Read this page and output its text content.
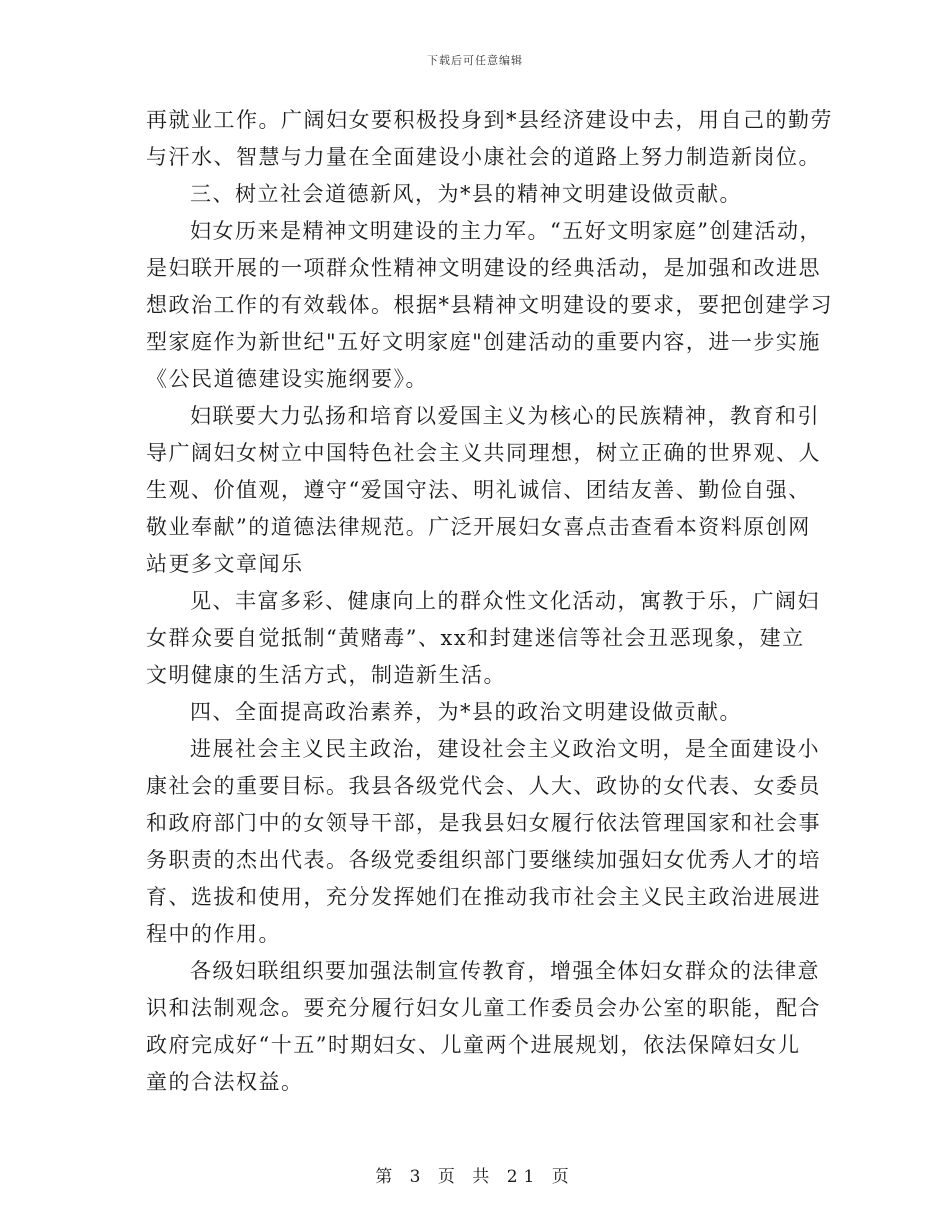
下载后可任意编辑
再就业工作。广阔妇女要积极投身到*县经济建设中去，用自己的勤劳
与汗水、智慧与力量在全面建设小康社会的道路上努力制造新岗位。
三、树立社会道德新风，为*县的精神文明建设做贡献。
妇女历来是精神文明建设的主力军。“五好文明家庭”创建活动，
是妇联开展的一项群众性精神文明建设的经典活动，是加强和改进思
想政治工作的有效载体。根据*县精神文明建设的要求，要把创建学习
型家庭作为新世纪"五好文明家庭"创建活动的重要内容，进一步实施
《公民道德建设实施纲要》。
妇联要大力弘扬和培育以爱国主义为核心的民族精神，教育和引
导广阔妇女树立中国特色社会主义共同理想，树立正确的世界观、人
生观、价值观，遵守“爱国守法、明礼诚信、团结友善、勤俭自强、
敬业奉献”的道德法律规范。广泛开展妇女喜点击查看本资料原创网
站更多文章闻乐
见、丰富多彩、健康向上的群众性文化活动，寓教于乐，广阔妇
女群众要自觉抵制“黄赌毒”、xx和封建迷信等社会丑恶现象，建立
文明健康的生活方式，制造新生活。
四、全面提高政治素养，为*县的政治文明建设做贡献。
进展社会主义民主政治，建设社会主义政治文明，是全面建设小
康社会的重要目标。我县各级党代会、人大、政协的女代表、女委员
和政府部门中的女领导干部，是我县妇女履行依法管理国家和社会事
务职责的杰出代表。各级党委组织部门要继续加强妇女优秀人才的培
育、选拔和使用，充分发挥她们在推动我市社会主义民主政治进展进
程中的作用。
各级妇联组织要加强法制宣传教育，增强全体妇女群众的法律意
识和法制观念。要充分履行妇女儿童工作委员会办公室的职能，配合
政府完成好“十五”时期妇女、儿童两个进展规划，依法保障妇女儿
童的合法权益。
第 3 页 共 21 页
